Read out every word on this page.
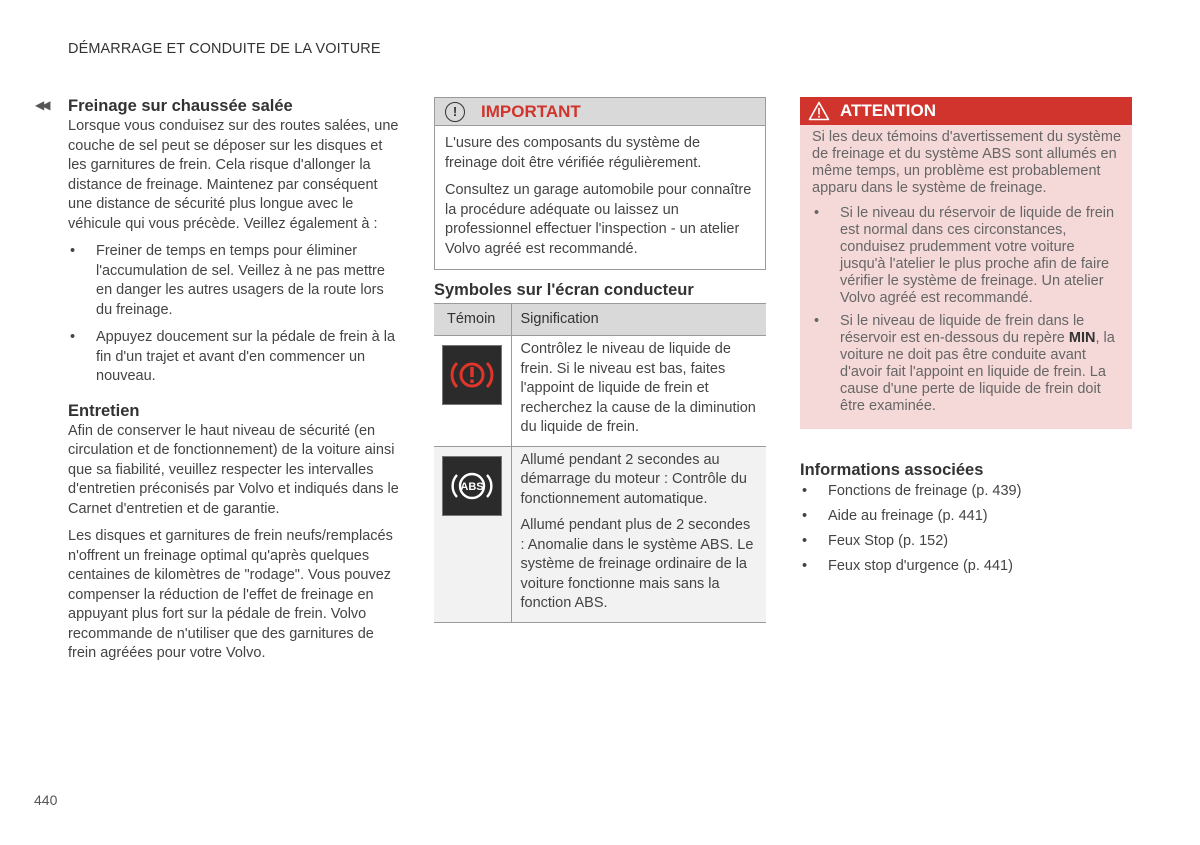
DÉMARRAGE ET CONDUITE DE LA VOITURE
◀◀ Freinage sur chaussée salée

Lorsque vous conduisez sur des routes salées, une couche de sel peut se déposer sur les disques et les garnitures de frein. Cela risque d'allonger la distance de freinage. Maintenez par conséquent une distance de sécurité plus longue avec le véhicule qui vous précède. Veillez également à :

• Freiner de temps en temps pour éliminer l'accumulation de sel. Veillez à ne pas mettre en danger les autres usagers de la route lors du freinage.
• Appuyez doucement sur la pédale de frein à la fin d'un trajet et avant d'en commencer un nouveau.
Entretien

Afin de conserver le haut niveau de sécurité (en circulation et de fonctionnement) de la voiture ainsi que sa fiabilité, veuillez respecter les intervalles d'entretien préconisés par Volvo et indiqués dans le Carnet d'entretien et de garantie.

Les disques et garnitures de frein neufs/remplacés n'offrent un freinage optimal qu'après quelques centaines de kilomètres de "rodage". Vous pouvez compenser la réduction de l'effet de freinage en appuyant plus fort sur la pédale de frein. Volvo recommande de n'utiliser que des garnitures de frein agréées pour votre Volvo.

!	IMPORTANT

L'usure des composants du système de freinage doit être vérifiée régulièrement.

Consultez un garage automobile pour connaître la procédure adéquate ou laissez un professionnel effectuer l'inspection - un atelier Volvo agréé est recommandé.

Symboles sur l'écran conducteur
Témoin	Signification

Contrôlez le niveau de liquide de frein. Si le niveau est bas, faites l'appoint de liquide de frein et recherchez la cause de la diminution du liquide de frein.

ABS	Allumé pendant 2 secondes au démarrage du moteur : Contrôle du fonctionnement automatique.

Allumé pendant plus de 2 secondes : Anomalie dans le système ABS. Le système de freinage ordinaire de la voiture fonctionne mais sans la fonction ABS.

ATTENTION

Si les deux témoins d'avertissement du système de freinage et du système ABS sont allumés en même temps, un problème est probablement apparu dans le système de freinage.

• Si le niveau du réservoir de liquide de frein est normal dans ces circonstances, conduisez prudemment votre voiture jusqu'à l'atelier le plus proche afin de faire vérifier le système de freinage. Un atelier Volvo agréé est recommandé.
• Si le niveau de liquide de frein dans le réservoir est en-dessous du repère MIN, la voiture ne doit pas être conduite avant d'avoir fait l'appoint en liquide de frein. La cause d'une perte de liquide de frein doit être examinée.
Informations associées
• Fonctions de freinage (p. 439)
• Aide au freinage (p. 441)
• Feux Stop (p. 152)
• Feux stop d'urgence (p. 441)
440
